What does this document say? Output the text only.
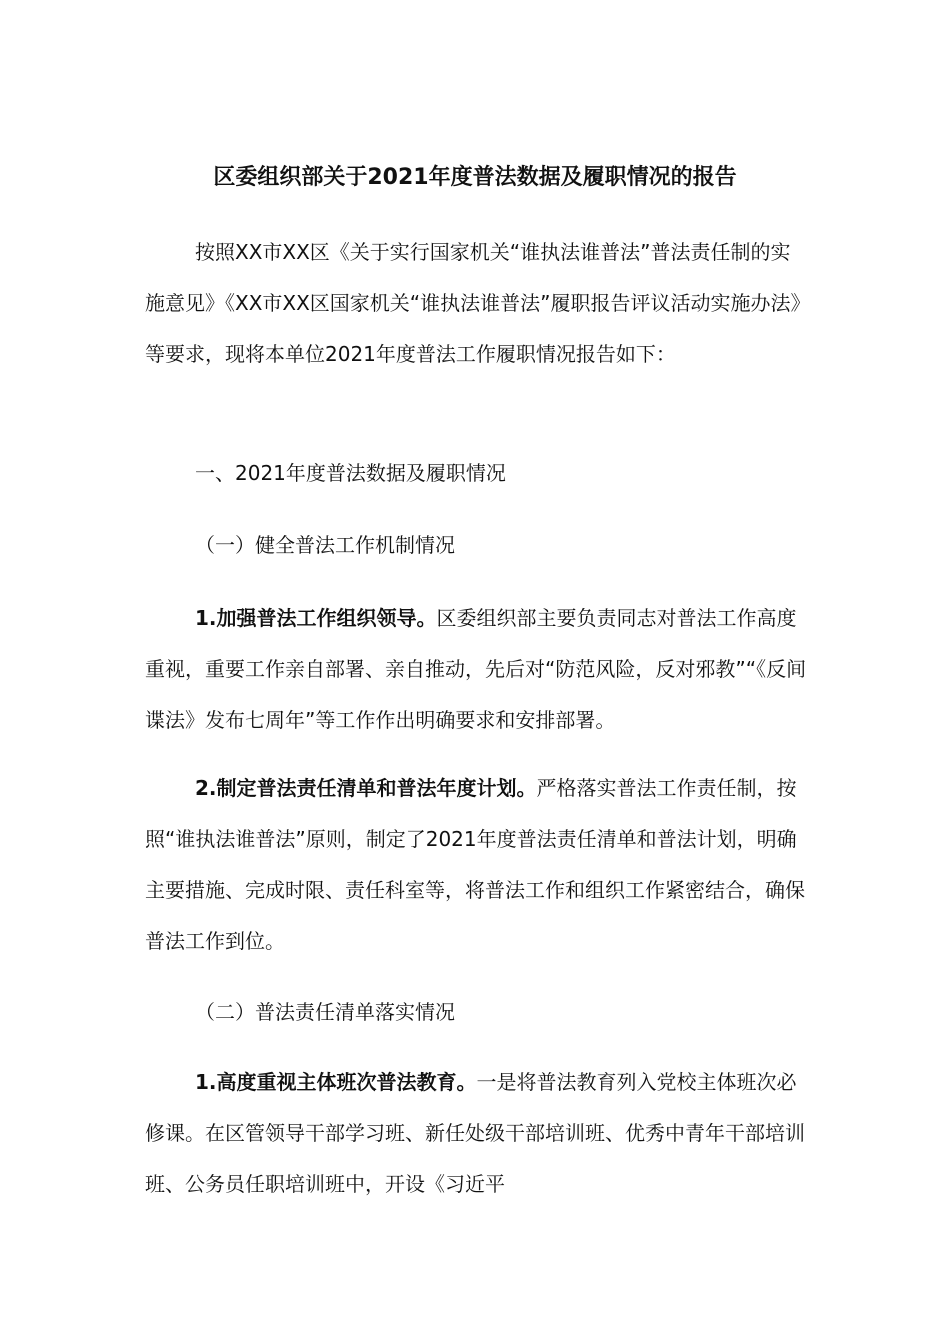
区委组织部关于2021年度普法数据及履职情况的报告

按照XX市XX区《关于实行国家机关“谁执法谁普法”普法责任制的实施意见》《XX市XX区国家机关“谁执法谁普法”履职报告评议活动实施办法》等要求，现将本单位2021年度普法工作履职情况报告如下：

一、2021年度普法数据及履职情况

（一）健全普法工作机制情况

1.加强普法工作组织领导。区委组织部主要负责同志对普法工作高度重视，重要工作亲自部署、亲自推动，先后对“防范风险，反对邪教”“《反间谍法》发布七周年”等工作作出明确要求和安排部署。

2.制定普法责任清单和普法年度计划。严格落实普法工作责任制，按照“谁执法谁普法”原则，制定了2021年度普法责任清单和普法计划，明确主要措施、完成时限、责任科室等，将普法工作和组织工作紧密结合，确保普法工作到位。

（二）普法责任清单落实情况

1.高度重视主体班次普法教育。一是将普法教育列入党校主体班次必修课。在区管领导干部学习班、新任处级干部培训班、优秀中青年干部培训班、公务员任职培训班中，开设《习近平
